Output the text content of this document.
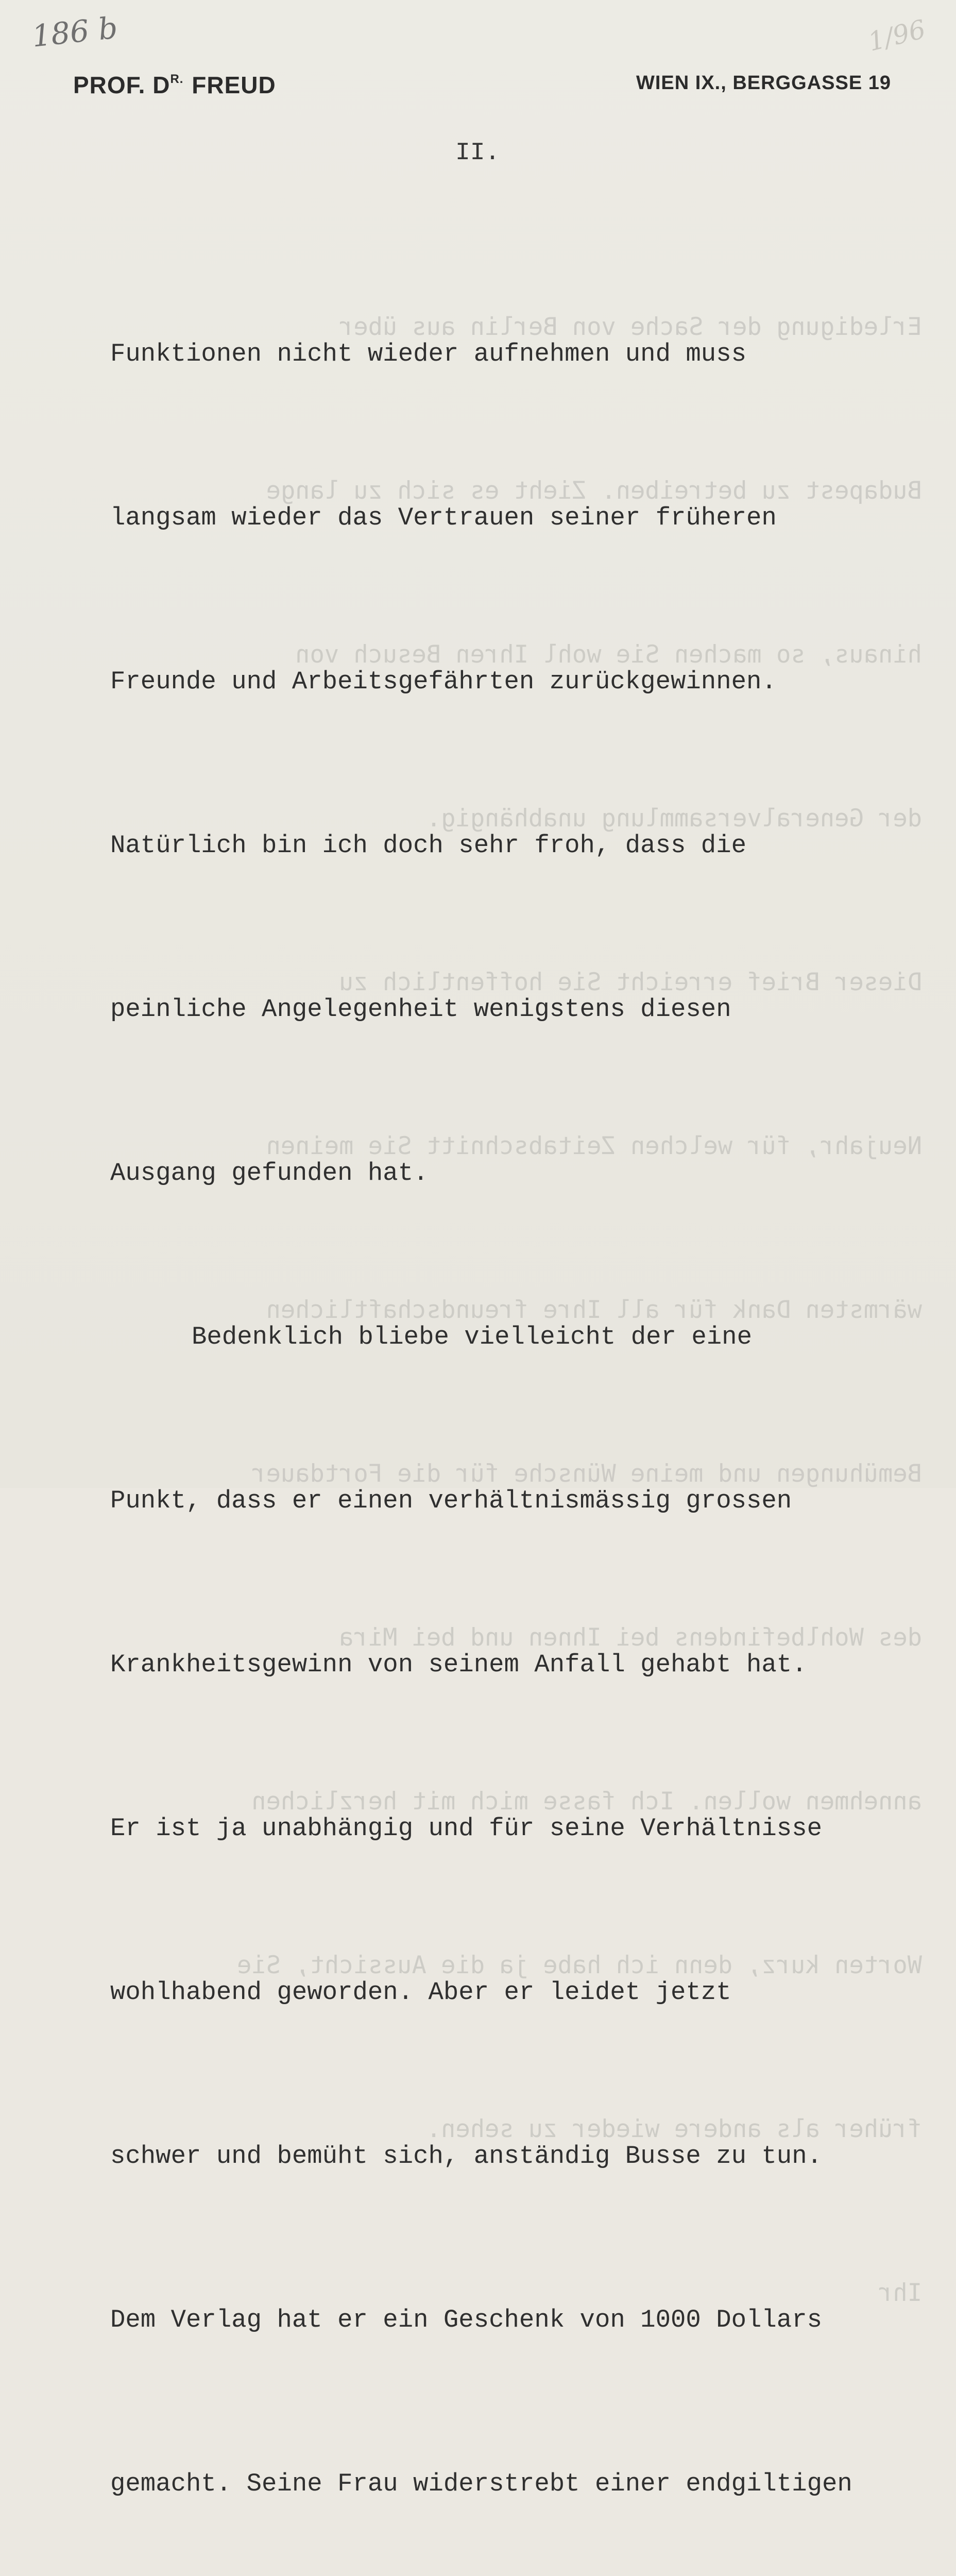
186 b	1/96
PROF. $D^{R.}$ FREUD	WIEN IX., BERGGASSE 19

Erledigung der Sache von Berlin aus über

Budapest zu betreiben. Zieht es sich zu lange

hinaus, so machen Sie wohl Ihren Besuch von

der Generalversammlung unabhängig.

Dieser Brief erreicht Sie hoffentlich zu

Neujahr, für welchen Zeitabschnitt Sie meinen

wärmsten Dank für all Ihre freundschaftlichen

Bemühungen und meine Wünsche für die Fortdauer

des Wohlbefindens bei Ihnen und bei Mira

annehmen wollen. Ich fasse mich mit herzlichen

Worten kurz, denn ich habe ja die Aussicht, Sie

früher als andere wieder zu sehen.

Ihr

II.

Funktionen nicht wieder aufnehmen und muss

langsam wieder das Vertrauen seiner früheren

Freunde und Arbeitsgefährten zurückgewinnen.

Natürlich bin ich doch sehr froh, dass die

peinliche Angelegenheit wenigstens diesen

Ausgang gefunden hat.

Bedenklich bliebe vielleicht der eine

Punkt, dass er einen verhältnismässig grossen

Krankheitsgewinn von seinem Anfall gehabt hat.

Er ist ja unabhängig und für seine Verhältnisse

wohlhabend geworden. Aber er leidet jetzt

schwer und bemüht sich, anständig Busse zu tun.

Dem Verlag hat er ein Geschenk von 1000 Dollars

gemacht. Seine Frau widerstrebt einer endgiltigen
